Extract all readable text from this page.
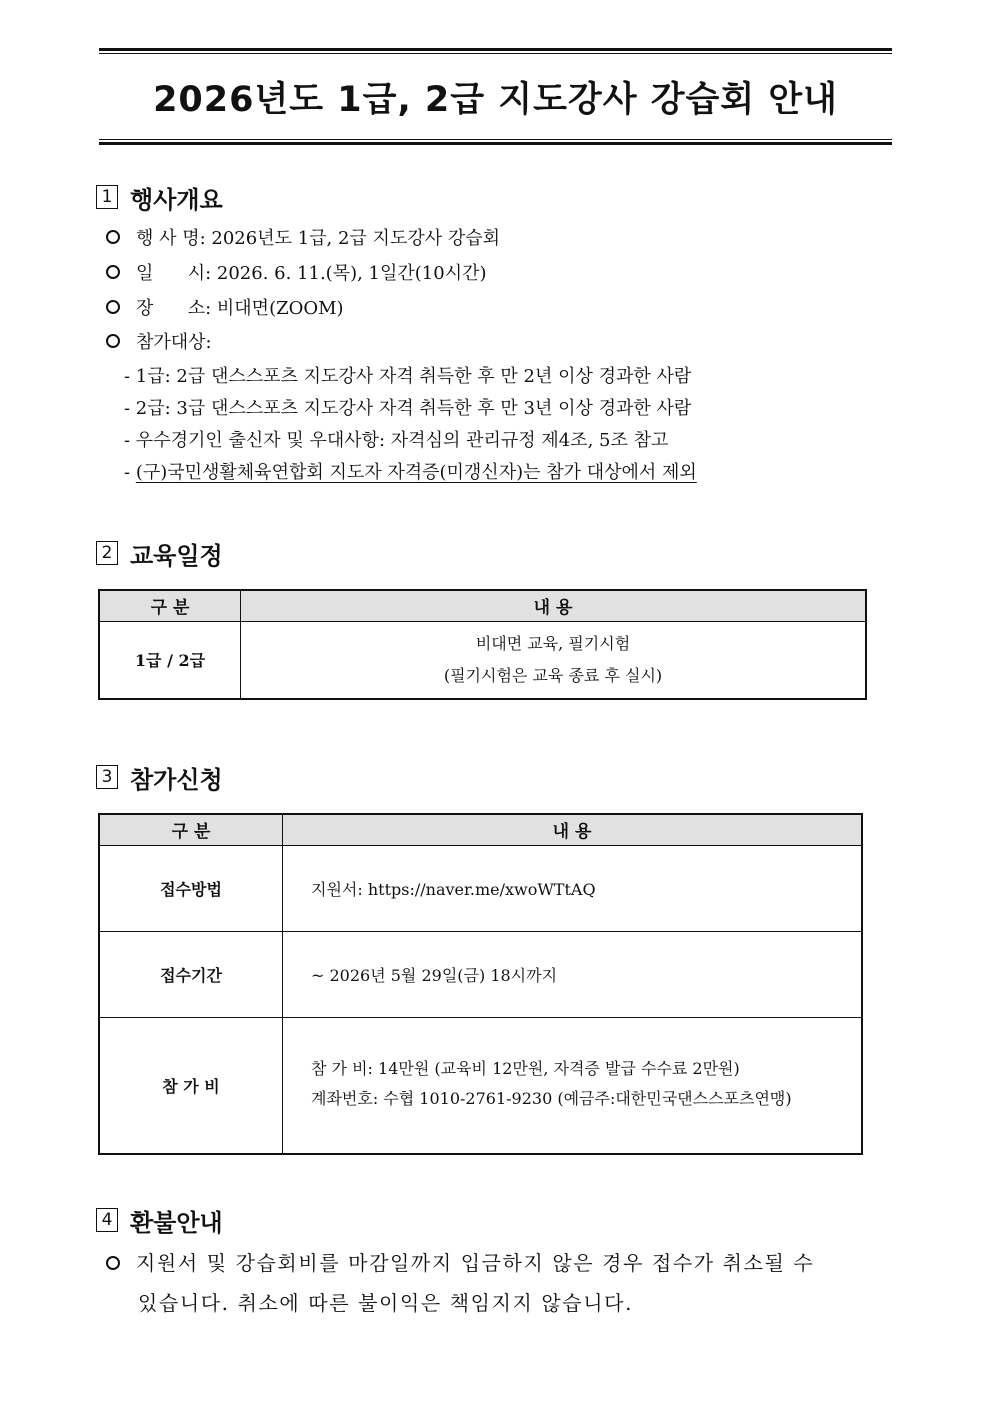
2026년도 1급, 2급 지도강사 강습회 안내
1 행사개요
행 사 명: 2026년도 1급, 2급 지도강사 강습회
일      시: 2026. 6. 11.(목), 1일간(10시간)
장      소: 비대면(ZOOM)
참가대상:
- 1급: 2급 댄스스포츠 지도강사 자격 취득한 후 만 2년 이상 경과한 사람
- 2급: 3급 댄스스포츠 지도강사 자격 취득한 후 만 3년 이상 경과한 사람
- 우수경기인 출신자 및 우대사항: 자격심의 관리규정 제4조, 5조 참고
- (구)국민생활체육연합회 지도자 자격증(미갱신자)는 참가 대상에서 제외
2 교육일정
구 분	내 용
1급 / 2급	비대면 교육, 필기시험
(필기시험은 교육 종료 후 실시)
3 참가신청
구 분	내 용
접수방법	지원서: https://naver.me/xwoWTtAQ
접수기간	~ 2026년 5월 29일(금) 18시까지
참 가 비	참 가 비: 14만원 (교육비 12만원, 자격증 발급 수수료 2만원)
계좌번호: 수협 1010-2761-9230 (예금주:대한민국댄스스포츠연맹)
4 환불안내
지원서 및 강습회비를 마감일까지 입금하지 않은 경우 접수가 취소될 수
있습니다. 취소에 따른 불이익은 책임지지 않습니다.
